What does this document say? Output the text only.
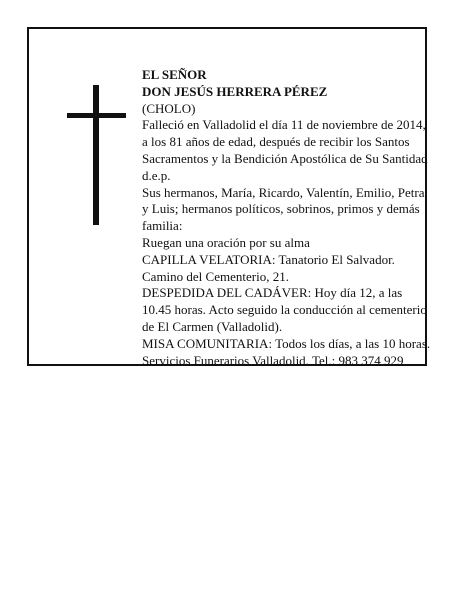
EL SEÑOR
DON JESÚS HERRERA PÉREZ
(CHOLO)
Falleció en Valladolid el día 11 de noviembre de 2014,
a los 81 años de edad, después de recibir los Santos
Sacramentos y la Bendición Apostólica de Su Santidad
d.e.p.
Sus hermanos, María, Ricardo, Valentín, Emilio, Petra
y Luis; hermanos políticos, sobrinos, primos y demás
familia:
Ruegan una oración por su alma
CAPILLA VELATORIA: Tanatorio El Salvador.
Camino del Cementerio, 21.
DESPEDIDA DEL CADÁVER: Hoy día 12, a las
10.45 horas. Acto seguido la conducción al cementerio
de El Carmen (Valladolid).
MISA COMUNITARIA: Todos los días, a las 10 horas.
Servicios Funerarios Valladolid. Tel.: 983 374 929
